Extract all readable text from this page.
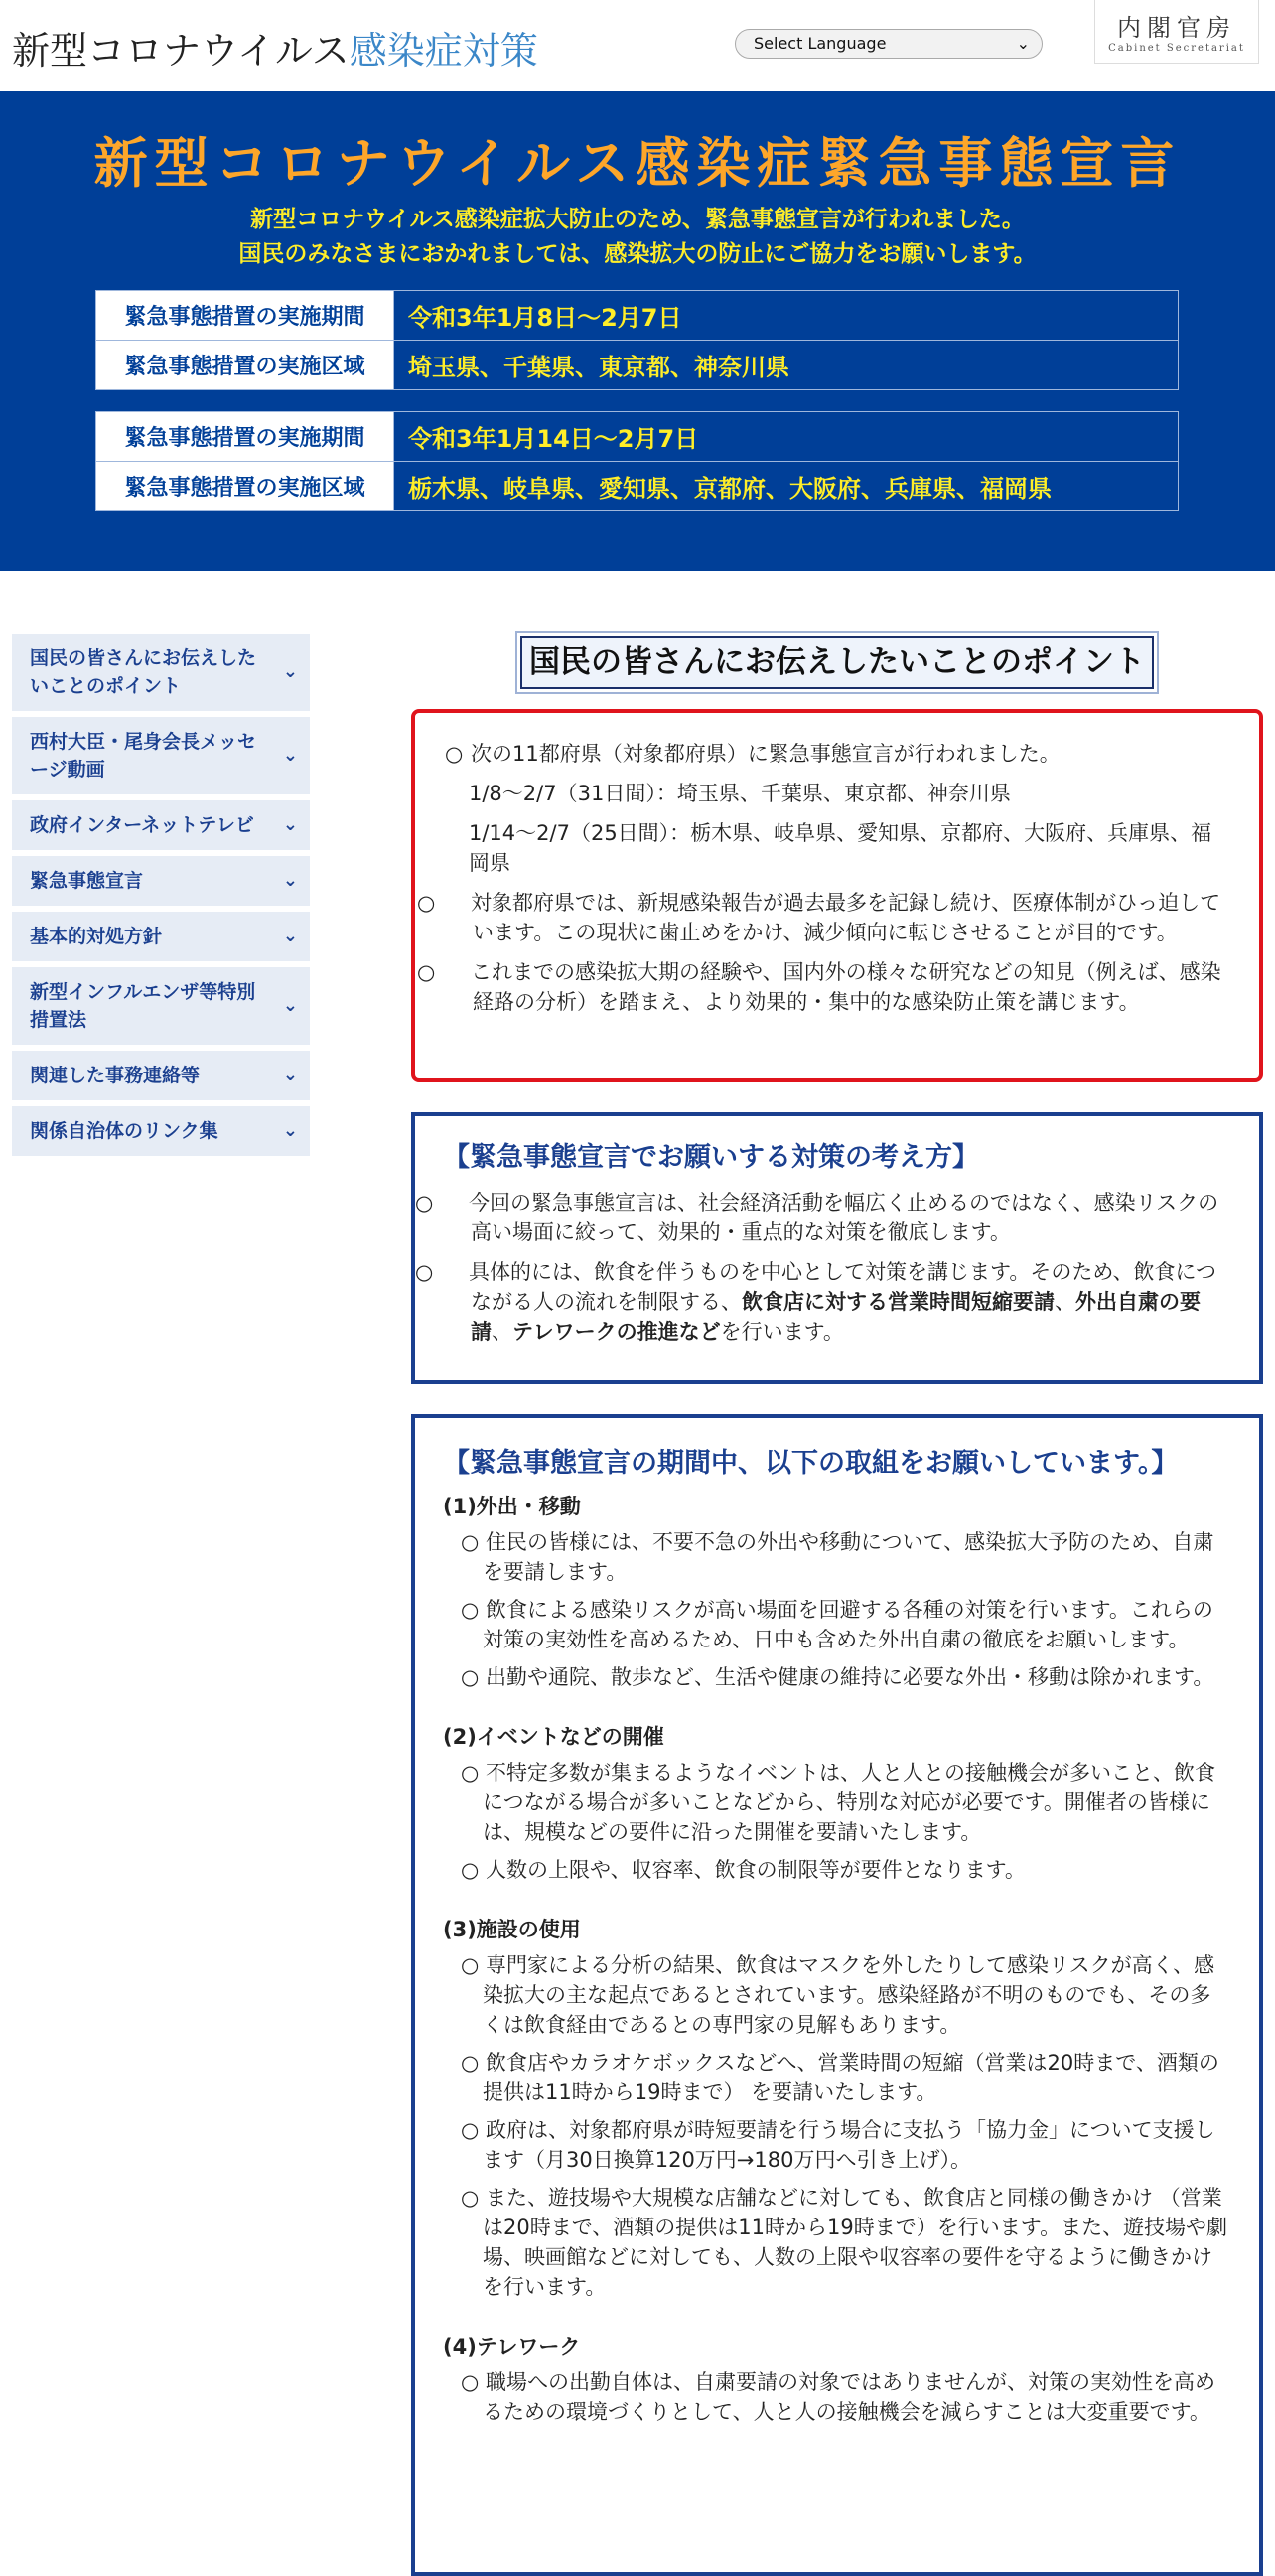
新型コロナウイルス感染症対策	Select Language	⌄
内閣官房
Cabinet Secretariat
新型コロナウイルス感染症緊急事態宣言
新型コロナウイルス感染症拡大防止のため、緊急事態宣言が行われました。
国民のみなさまにおかれましては、感染拡大の防止にご協力をお願いします。
緊急事態措置の実施期間	令和3年1月8日～2月7日
緊急事態措置の実施区域	埼玉県、千葉県、東京都、神奈川県
緊急事態措置の実施期間	令和3年1月14日～2月7日
緊急事態措置の実施区域	栃木県、岐阜県、愛知県、京都府、大阪府、兵庫県、福岡県
国民の皆さんにお伝えしたいことのポイント
⌄
西村大臣・尾身会長メッセージ動画
⌄
政府インターネットテレビ ⌄
緊急事態宣言	⌄
基本的対処方針	⌄
新型インフルエンザ等特別措置法
⌄
関連した事務連絡等	⌄
関係自治体のリンク集	⌄
国民の皆さんにお伝えしたいことのポイント
○ 次の11都府県（対象都府県）に緊急事態宣言が行われました。
1/8～2/7（31日間）：埼玉県、千葉県、東京都、神奈川県
1/14～2/7（25日間）：栃木県、岐阜県、愛知県、京都府、大阪府、兵庫県、福岡県
○ 対象都府県では、新規感染報告が過去最多を記録し続け、医療体制がひっ迫しています。この現状に歯止めをかけ、減少傾向に転じさせることが目的です。
○ これまでの感染拡大期の経験や、国内外の様々な研究などの知見（例えば、感染経路の分析）を踏まえ、より効果的・集中的な感染防止策を講じます。
【緊急事態宣言でお願いする対策の考え方】
○ 今回の緊急事態宣言は、社会経済活動を幅広く止めるのではなく、感染リスクの高い場面に絞って、効果的・重点的な対策を徹底します。
○ 具体的には、飲食を伴うものを中心として対策を講じます。そのため、飲食につながる人の流れを制限する、飲食店に対する営業時間短縮要請、外出自粛の要請、テレワークの推進などを行います。
【緊急事態宣言の期間中、以下の取組をお願いしています。】
(1)外出・移動
○ 住民の皆様には、不要不急の外出や移動について、感染拡大予防のため、自粛を要請します。
○ 飲食による感染リスクが高い場面を回避する各種の対策を行います。これらの対策の実効性を高めるため、日中も含めた外出自粛の徹底をお願いします。
○ 出勤や通院、散歩など、生活や健康の維持に必要な外出・移動は除かれます。
(2)イベントなどの開催
○ 不特定多数が集まるようなイベントは、人と人との接触機会が多いこと、飲食につながる場合が多いことなどから、特別な対応が必要です。開催者の皆様には、規模などの要件に沿った開催を要請いたします。
○ 人数の上限や、収容率、飲食の制限等が要件となります。
(3)施設の使用
○ 専門家による分析の結果、飲食はマスクを外したりして感染リスクが高く、感染拡大の主な起点であるとされています。感染経路が不明のものでも、その多くは飲食経由であるとの専門家の見解もあります。
○ 飲食店やカラオケボックスなどへ、営業時間の短縮（営業は20時まで、酒類の提供は11時から19時まで） を要請いたします。
○ 政府は、対象都府県が時短要請を行う場合に支払う「協力金」について支援します（月30日換算120万円→180万円へ引き上げ）。
○ また、遊技場や大規模な店舗などに対しても、飲食店と同様の働きかけ （営業は20時まで、酒類の提供は11時から19時まで）を行います。また、遊技場や劇場、映画館などに対しても、人数の上限や収容率の要件を守るように働きかけを行います。
(4)テレワーク
○ 職場への出勤自体は、自粛要請の対象ではありませんが、対策の実効性を高めるための環境づくりとして、人と人の接触機会を減らすことは大変重要です。
